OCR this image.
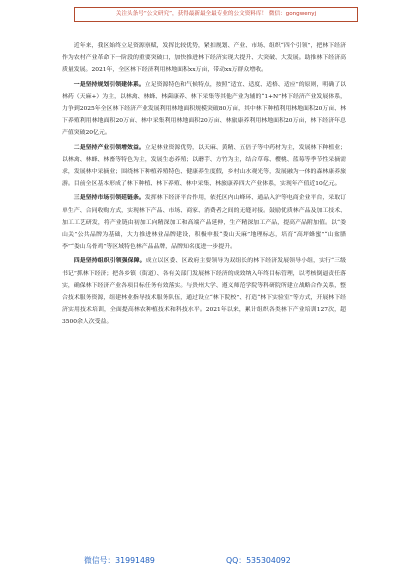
关注头条号“公文研究”，获得最新最全最专业的公文资料库！ 微信：gongwenyj

近年来，我区始终立足资源禀赋，发挥比较优势，紧扣规划、产业、市场、组织“四个引领”，把林下经济作为农村产业革命下一阶段的重要突破口，加快推进林下经济实现大提升、大突破、大发展。助推林下经济高质量发展。2021年，全区林下经济利用林地面积xx万亩，带动xx万群众增收。

一是坚持规划引领建体系。立足资源特色和气候特点，按照“适宜、适度、适格、适应”的原则，明确了以林药（天麻+）为主，以林禽、林蜂、林菌康养、林下采集等其他产业为辅的“1+N”林下经济产业发展体系，力争到2025年全区林下经济产业发展利用林地面积规模突破80万亩，其中林下种植利用林地面积20万亩、林下养殖利用林地面积20万亩、林中采集利用林地面积20万亩、林旅康养利用林地面积20万亩，林下经济年总产值突破20亿元。

二是坚持产业引领增效益。立足林业资源优势，以天麻、黄精、五倍子等中药材为主，发展林下种植业；以林禽、林蜂、林畜等特色为主，发展生态养殖；以蘑芋、方竹为主，结合草莓、樱桃、蓝莓等季节性采摘需求，发展林中采摘业；围绕林下种植养殖特色、健康养生度假，乡村山水观光等，发展融为一体的森林康养旅游。目前全区基本形成了林下种植、林下养殖、林中采集、林旅康养四大产业体系，实现年产值近10亿元。

三是坚持市场引领延链条。发挥林下经济平台作用，依托区内山峰环、通品入沪等电商企业平台，采取订单生产、合同收购方式，实现林下产品、市场、商家、消费者之间的无缝对接。鼓励优质林产品及加工技术、加工工艺研发，将产业链由初加工向精深加工和高端产品延伸，生产精深加工产品，提高产品附加值。以“娄山关”公共品牌为基础，大力推进林业品牌建设，积极申报“娄山天麻”地理标志，培育“高坪蜂蜜”“山盆腊李”“娄山乌骨鸡”等区域特色林产品品牌，品牌知名度进一步提升。

四是坚持组织引领强保障。成立以区委、区政府主要领导为双组长的林下经济发展领导小组，实行“三级书记”抓林下经济；把各乡镇（街道）、各有关部门发展林下经济的成效纳入年终目标管理，以考核倒逼责任落实，确保林下经济产业各项目标任务有效落实。与贵州大学、遵义师范学院等科研院所建立战略合作关系，整合技术服务资源，组建林业指导技术服务队伍，通过设立“林下院校”、打造“林下实验室”等方式，开展林下经济实用技术培训，全面提高林农种植技术和科技水平。2021年以来，累计组织各类林下产业培训127次，超3500余人次受益。

微信号：31991489	QQ：535304092
